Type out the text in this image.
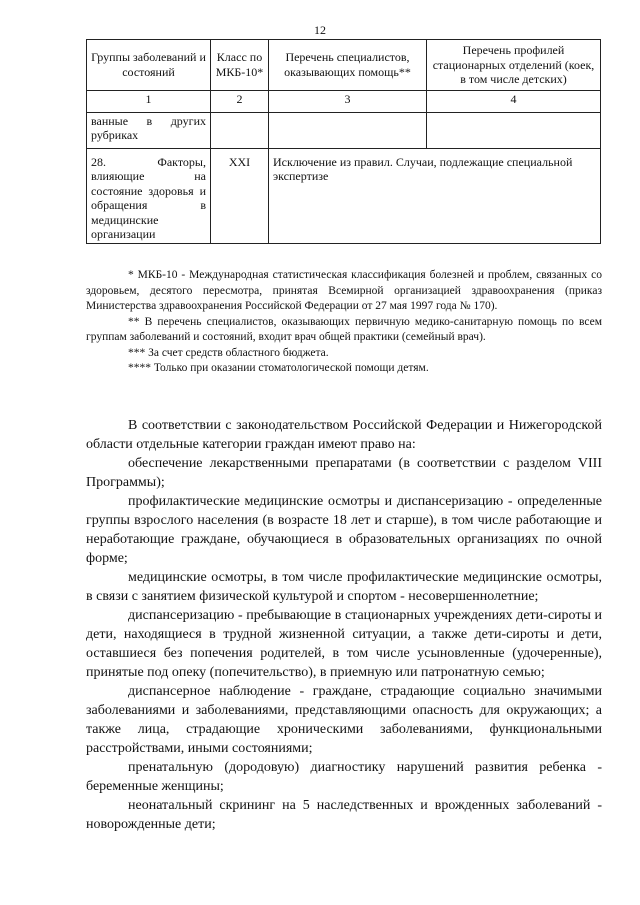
12
Группы заболеваний и состояний	Класс по МКБ-10*	Перечень специалистов, оказывающих помощь**	Перечень профилей стационарных отделений (коек, в том числе детских)
1	2	3	4
ванные в других рубриках			
28. Факторы, влияющие на состояние здоровья и обращения в медицинские организации	XXI	Исключение из правил. Случаи, подлежащие специальной экспертизе	

* МКБ-10 - Международная статистическая классификация болезней и проблем, связанных со здоровьем, десятого пересмотра, принятая Всемирной организацией здравоохранения (приказ Министерства здравоохранения Российской Федерации от 27 мая 1997 года № 170).

** В перечень специалистов, оказывающих первичную медико-санитарную помощь по всем группам заболеваний и состояний, входит врач общей практики (семейный врач).

*** За счет средств областного бюджета.

**** Только при оказании стоматологической помощи детям.

В соответствии с законодательством Российской Федерации и Нижегородской области отдельные категории граждан имеют право на:

обеспечение лекарственными препаратами (в соответствии с разделом VIII Программы);

профилактические медицинские осмотры и диспансеризацию - определенные группы взрослого населения (в возрасте 18 лет и старше), в том числе работающие и неработающие граждане, обучающиеся в образовательных организациях по очной форме;

медицинские осмотры, в том числе профилактические медицинские осмотры, в связи с занятием физической культурой и спортом - несовершеннолетние;

диспансеризацию - пребывающие в стационарных учреждениях дети-сироты и дети, находящиеся в трудной жизненной ситуации, а также дети-сироты и дети, оставшиеся без попечения родителей, в том числе усыновленные (удочеренные), принятые под опеку (попечительство), в приемную или патронатную семью;

диспансерное наблюдение - граждане, страдающие социально значимыми заболеваниями и заболеваниями, представляющими опасность для окружающих; а также лица, страдающие хроническими заболеваниями, функциональными расстройствами, иными состояниями;

пренатальную (дородовую) диагностику нарушений развития ребенка - беременные женщины;

неонатальный скрининг на 5 наследственных и врожденных заболеваний - новорожденные дети;
